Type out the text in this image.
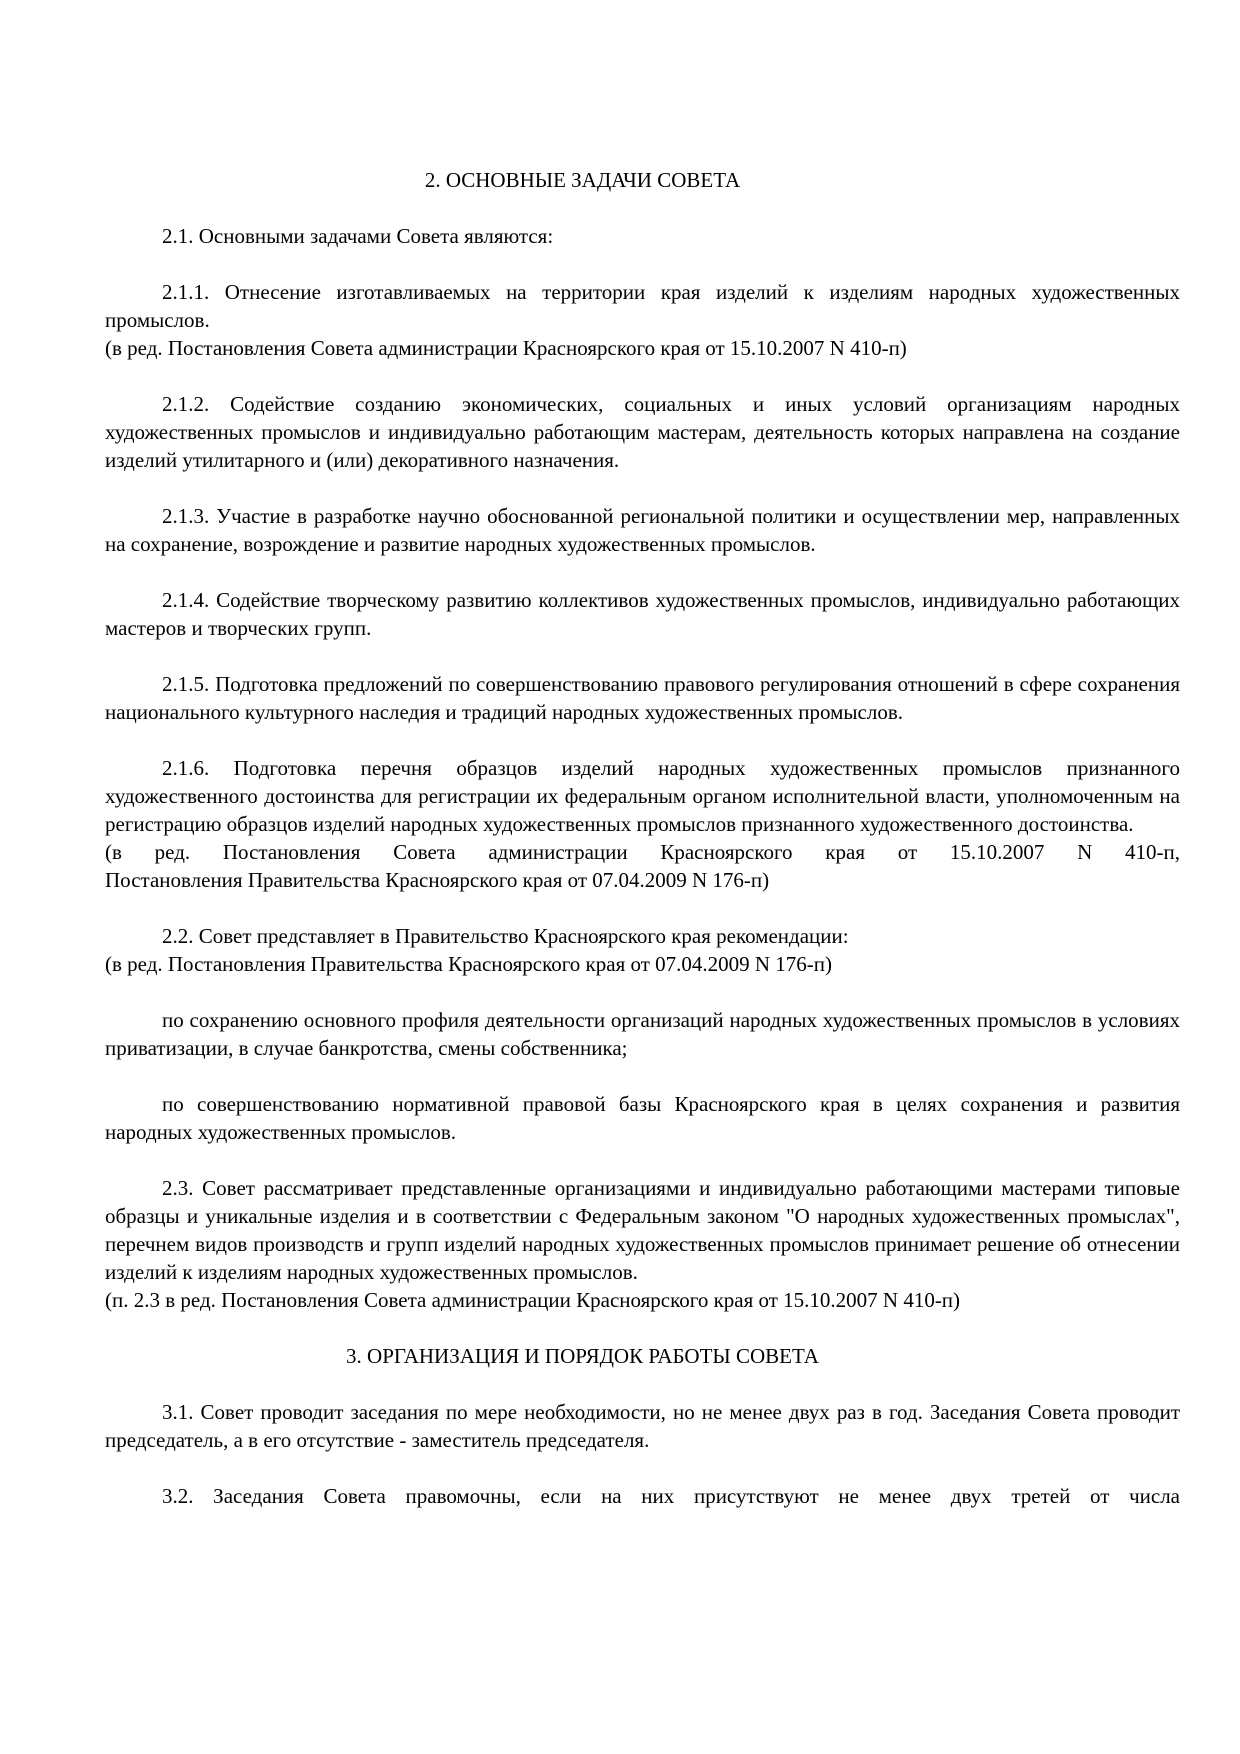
2. ОСНОВНЫЕ ЗАДАЧИ СОВЕТА

2.1. Основными задачами Совета являются:

2.1.1. Отнесение изготавливаемых на территории края изделий к изделиям народных художественных промыслов.

(в ред. Постановления Совета администрации Красноярского края от 15.10.2007 N 410-п)

2.1.2. Содействие созданию экономических, социальных и иных условий организациям народных художественных промыслов и индивидуально работающим мастерам, деятельность которых направлена на создание изделий утилитарного и (или) декоративного назначения.

2.1.3. Участие в разработке научно обоснованной региональной политики и осуществлении мер, направленных на сохранение, возрождение и развитие народных художественных промыслов.

2.1.4. Содействие творческому развитию коллективов художественных промыслов, индивидуально работающих мастеров и творческих групп.

2.1.5. Подготовка предложений по совершенствованию правового регулирования отношений в сфере сохранения национального культурного наследия и традиций народных художественных промыслов.

2.1.6. Подготовка перечня образцов изделий народных художественных промыслов признанного художественного достоинства для регистрации их федеральным органом исполнительной власти, уполномоченным на регистрацию образцов изделий народных художественных промыслов признанного художественного достоинства.

(в ред. Постановления Совета администрации Красноярского края от 15.10.2007 N 410-п,
Постановления Правительства Красноярского края от 07.04.2009 N 176-п)

2.2. Совет представляет в Правительство Красноярского края рекомендации:

(в ред. Постановления Правительства Красноярского края от 07.04.2009 N 176-п)

по сохранению основного профиля деятельности организаций народных художественных промыслов в условиях приватизации, в случае банкротства, смены собственника;

по совершенствованию нормативной правовой базы Красноярского края в целях сохранения и развития народных художественных промыслов.

2.3. Совет рассматривает представленные организациями и индивидуально работающими мастерами типовые образцы и уникальные изделия и в соответствии с Федеральным законом "О народных художественных промыслах", перечнем видов производств и групп изделий народных художественных промыслов принимает решение об отнесении изделий к изделиям народных художественных промыслов.

(п. 2.3 в ред. Постановления Совета администрации Красноярского края от 15.10.2007 N 410-п)

3. ОРГАНИЗАЦИЯ И ПОРЯДОК РАБОТЫ СОВЕТА

3.1. Совет проводит заседания по мере необходимости, но не менее двух раз в год. Заседания Совета проводит председатель, а в его отсутствие - заместитель председателя.

3.2. Заседания Совета правомочны, если на них присутствуют не менее двух третей от числа
